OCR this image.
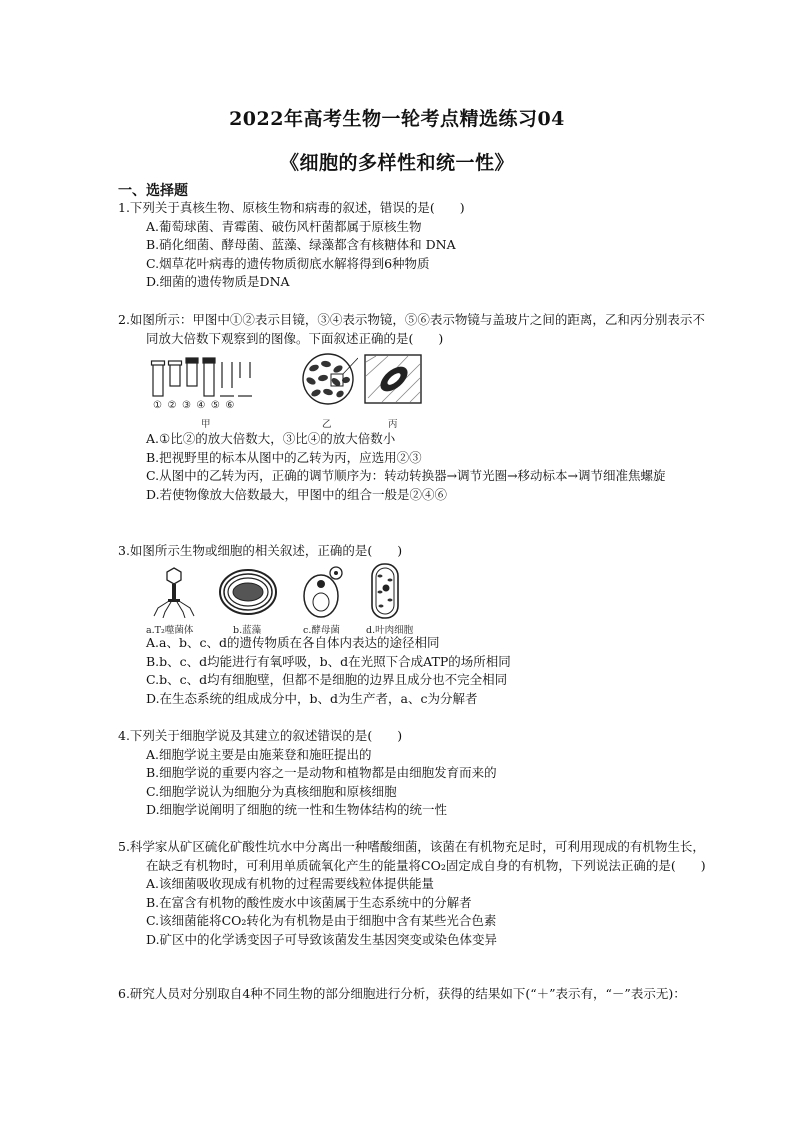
2022年高考生物一轮考点精选练习04
《细胞的多样性和统一性》
一、选择题
1.下列关于真核生物、原核生物和病毒的叙述，错误的是(　　)
A.葡萄球菌、青霉菌、破伤风杆菌都属于原核生物
B.硝化细菌、酵母菌、蓝藻、绿藻都含有核糖体和 DNA
C.烟草花叶病毒的遗传物质彻底水解将得到6种物质
D.细菌的遗传物质是DNA
2.如图所示：甲图中①②表示目镜，③④表示物镜，⑤⑥表示物镜与盖玻片之间的距离，乙和丙分别表示不同放大倍数下观察到的图像。下面叙述正确的是(　　)
①②③④⑤⑥
甲	乙	丙
A.①比②的放大倍数大，③比④的放大倍数小
B.把视野里的标本从图中的乙转为丙，应选用②③
C.从图中的乙转为丙，正确的调节顺序为：转动转换器→调节光圈→移动标本→调节细准焦螺旋
D.若使物像放大倍数最大，甲图中的组合一般是②④⑥
3.如图所示生物或细胞的相关叙述，正确的是(　　)
a.T₂噬菌体	b.蓝藻	c.酵母菌	d.叶肉细胞
A.a、b、c、d的遗传物质在各自体内表达的途径相同
B.b、c、d均能进行有氧呼吸，b、d在光照下合成ATP的场所相同
C.b、c、d均有细胞壁，但都不是细胞的边界且成分也不完全相同
D.在生态系统的组成成分中，b、d为生产者，a、c为分解者
4.下列关于细胞学说及其建立的叙述错误的是(　　)
A.细胞学说主要是由施莱登和施旺提出的
B.细胞学说的重要内容之一是动物和植物都是由细胞发育而来的
C.细胞学说认为细胞分为真核细胞和原核细胞
D.细胞学说阐明了细胞的统一性和生物体结构的统一性
5.科学家从矿区硫化矿酸性坑水中分离出一种嗜酸细菌，该菌在有机物充足时，可利用现成的有机物生长，在缺乏有机物时，可利用单质硫氧化产生的能量将CO₂固定成自身的有机物，下列说法正确的是(　　)
A.该细菌吸收现成有机物的过程需要线粒体提供能量
B.在富含有机物的酸性废水中该菌属于生态系统中的分解者
C.该细菌能将CO₂转化为有机物是由于细胞中含有某些光合色素
D.矿区中的化学诱变因子可导致该菌发生基因突变或染色体变异
6.研究人员对分别取自4种不同生物的部分细胞进行分析，获得的结果如下(“＋”表示有，“－”表示无)：
